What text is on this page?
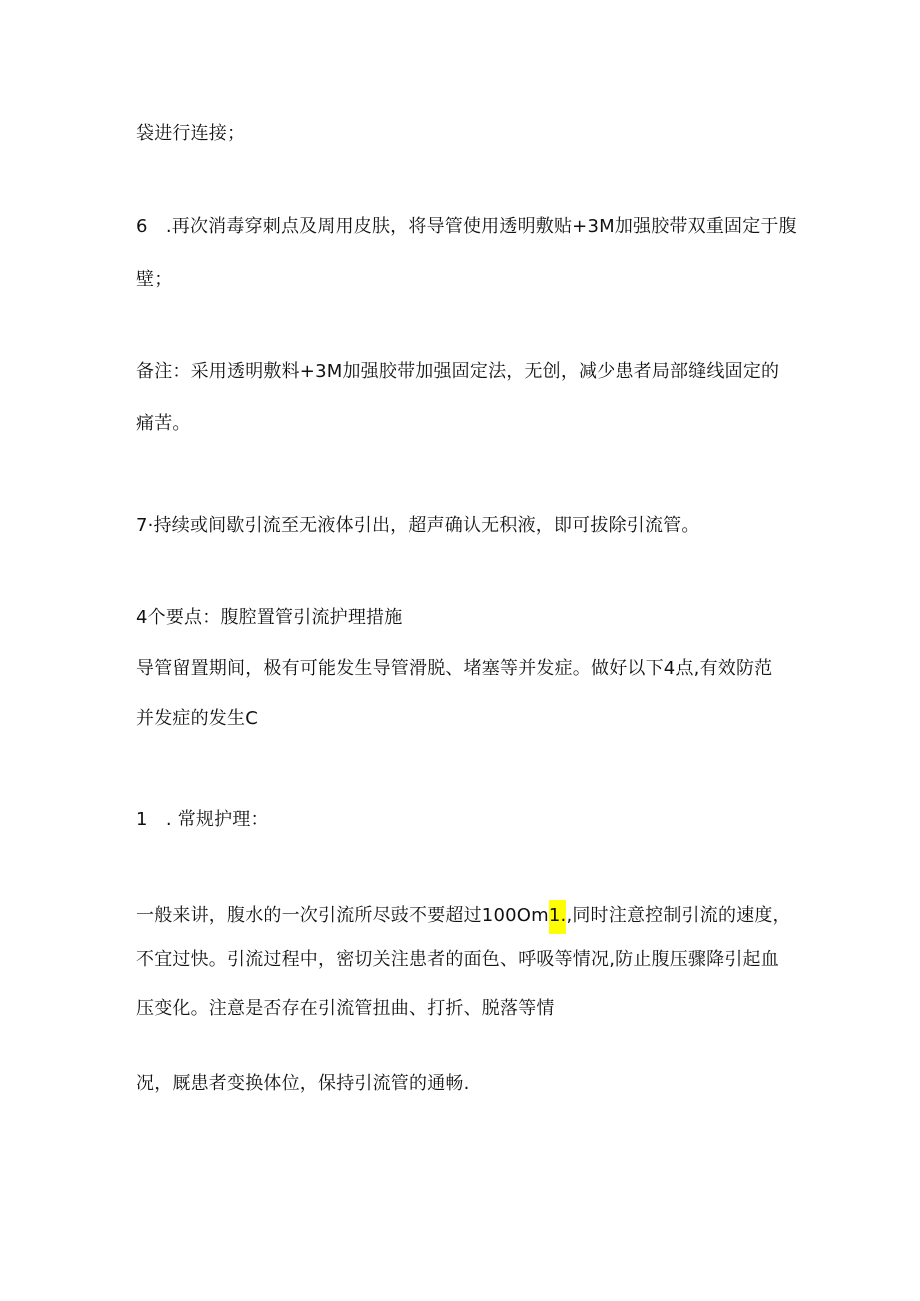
袋进行连接；
6　.再次消毒穿刺点及周用皮肤，将导管使用透明敷贴+3M加强胶带双重固定于腹
壁；
备注：采用透明敷料+3M加强胶带加强固定法，无创，减少患者局部缝线固定的
痛苦。
7·持续或间歇引流至无液体引出，超声确认无积液，即可拔除引流管。
4个要点：腹腔置管引流护理措施
导管留置期间，极有可能发生导管滑脱、堵塞等并发症。做好以下4点,有效防范
并发症的发生C
1　. 常规护理：
一般来讲，腹水的一次引流所尽豉不要超过100Om1.,同时注意控制引流的速度，
不宜过快。引流过程中，密切关注患者的面色、呼吸等情况,防止腹压骤降引起血
压变化。注意是否存在引流管扭曲、打折、脱落等情
况，厩患者变换体位，保持引流管的通畅.
